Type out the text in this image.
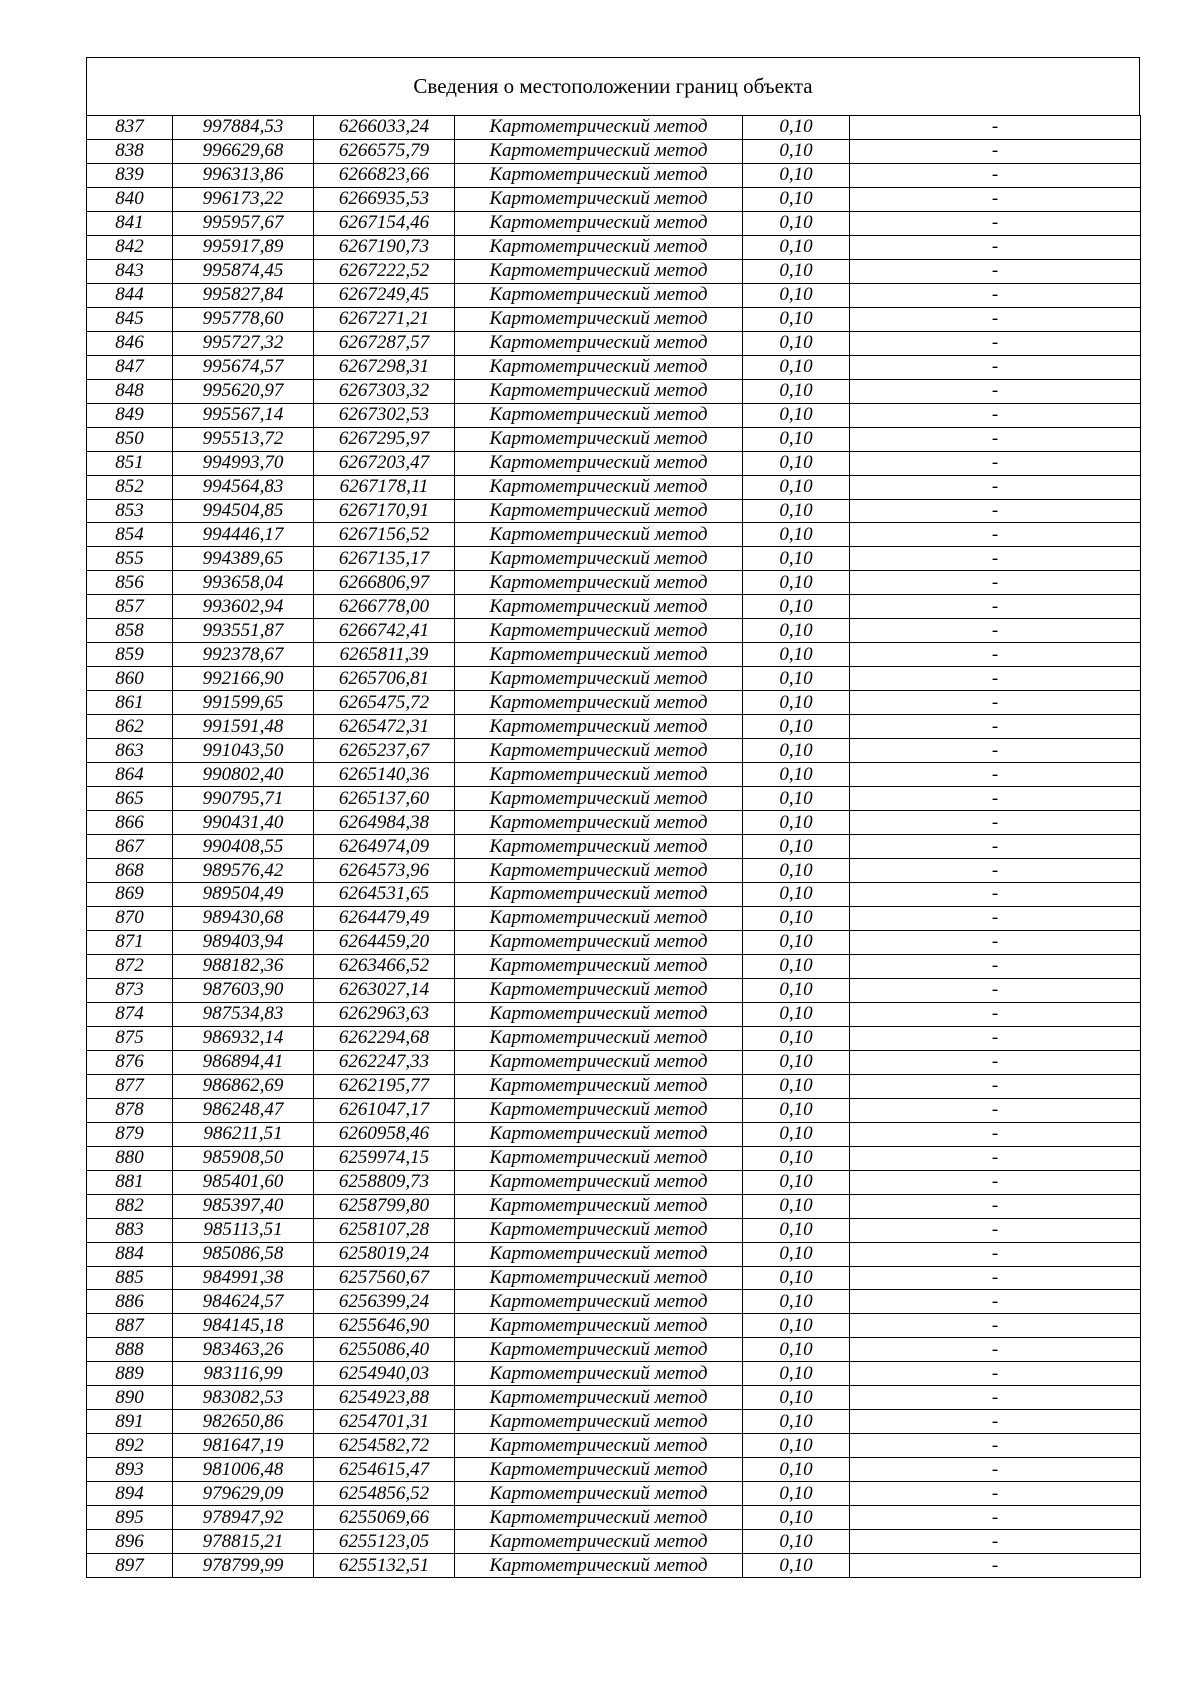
Сведения о местоположении границ объекта
837	997884,53	6266033,24	Картометрический метод	0,10	-
838	996629,68	6266575,79	Картометрический метод	0,10	-
839	996313,86	6266823,66	Картометрический метод	0,10	-
840	996173,22	6266935,53	Картометрический метод	0,10	-
841	995957,67	6267154,46	Картометрический метод	0,10	-
842	995917,89	6267190,73	Картометрический метод	0,10	-
843	995874,45	6267222,52	Картометрический метод	0,10	-
844	995827,84	6267249,45	Картометрический метод	0,10	-
845	995778,60	6267271,21	Картометрический метод	0,10	-
846	995727,32	6267287,57	Картометрический метод	0,10	-
847	995674,57	6267298,31	Картометрический метод	0,10	-
848	995620,97	6267303,32	Картометрический метод	0,10	-
849	995567,14	6267302,53	Картометрический метод	0,10	-
850	995513,72	6267295,97	Картометрический метод	0,10	-
851	994993,70	6267203,47	Картометрический метод	0,10	-
852	994564,83	6267178,11	Картометрический метод	0,10	-
853	994504,85	6267170,91	Картометрический метод	0,10	-
854	994446,17	6267156,52	Картометрический метод	0,10	-
855	994389,65	6267135,17	Картометрический метод	0,10	-
856	993658,04	6266806,97	Картометрический метод	0,10	-
857	993602,94	6266778,00	Картометрический метод	0,10	-
858	993551,87	6266742,41	Картометрический метод	0,10	-
859	992378,67	6265811,39	Картометрический метод	0,10	-
860	992166,90	6265706,81	Картометрический метод	0,10	-
861	991599,65	6265475,72	Картометрический метод	0,10	-
862	991591,48	6265472,31	Картометрический метод	0,10	-
863	991043,50	6265237,67	Картометрический метод	0,10	-
864	990802,40	6265140,36	Картометрический метод	0,10	-
865	990795,71	6265137,60	Картометрический метод	0,10	-
866	990431,40	6264984,38	Картометрический метод	0,10	-
867	990408,55	6264974,09	Картометрический метод	0,10	-
868	989576,42	6264573,96	Картометрический метод	0,10	-
869	989504,49	6264531,65	Картометрический метод	0,10	-
870	989430,68	6264479,49	Картометрический метод	0,10	-
871	989403,94	6264459,20	Картометрический метод	0,10	-
872	988182,36	6263466,52	Картометрический метод	0,10	-
873	987603,90	6263027,14	Картометрический метод	0,10	-
874	987534,83	6262963,63	Картометрический метод	0,10	-
875	986932,14	6262294,68	Картометрический метод	0,10	-
876	986894,41	6262247,33	Картометрический метод	0,10	-
877	986862,69	6262195,77	Картометрический метод	0,10	-
878	986248,47	6261047,17	Картометрический метод	0,10	-
879	986211,51	6260958,46	Картометрический метод	0,10	-
880	985908,50	6259974,15	Картометрический метод	0,10	-
881	985401,60	6258809,73	Картометрический метод	0,10	-
882	985397,40	6258799,80	Картометрический метод	0,10	-
883	985113,51	6258107,28	Картометрический метод	0,10	-
884	985086,58	6258019,24	Картометрический метод	0,10	-
885	984991,38	6257560,67	Картометрический метод	0,10	-
886	984624,57	6256399,24	Картометрический метод	0,10	-
887	984145,18	6255646,90	Картометрический метод	0,10	-
888	983463,26	6255086,40	Картометрический метод	0,10	-
889	983116,99	6254940,03	Картометрический метод	0,10	-
890	983082,53	6254923,88	Картометрический метод	0,10	-
891	982650,86	6254701,31	Картометрический метод	0,10	-
892	981647,19	6254582,72	Картометрический метод	0,10	-
893	981006,48	6254615,47	Картометрический метод	0,10	-
894	979629,09	6254856,52	Картометрический метод	0,10	-
895	978947,92	6255069,66	Картометрический метод	0,10	-
896	978815,21	6255123,05	Картометрический метод	0,10	-
897	978799,99	6255132,51	Картометрический метод	0,10	-
